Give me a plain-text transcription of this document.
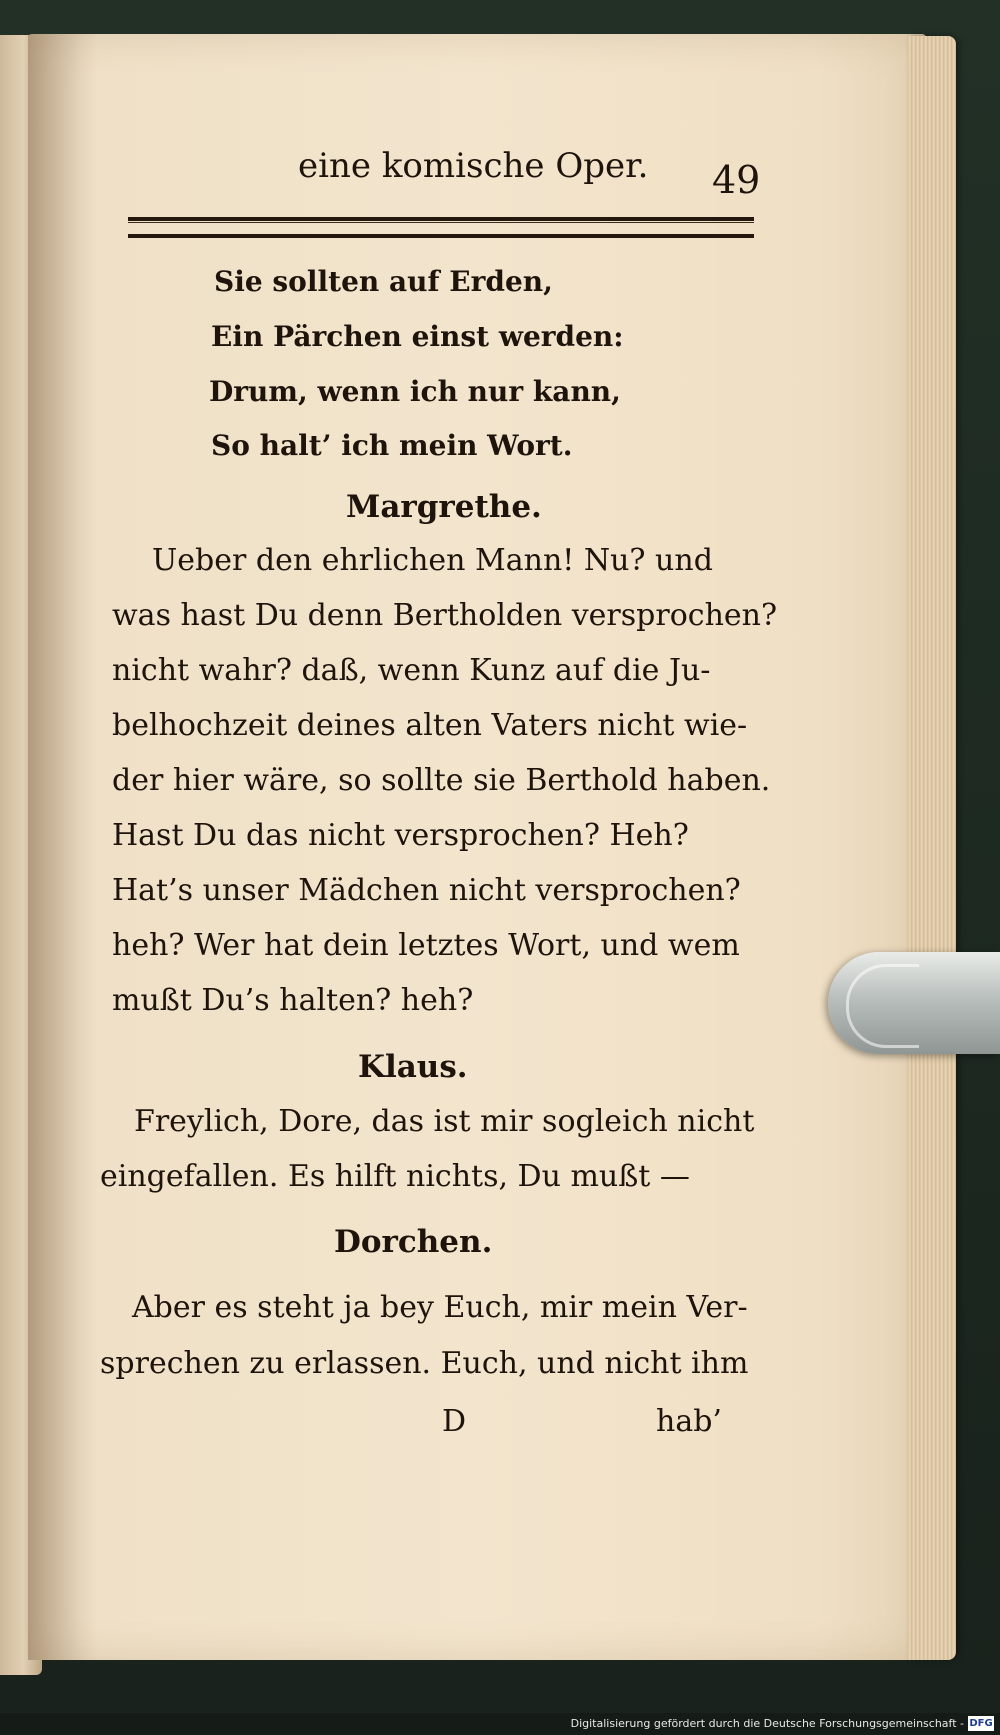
eine komische Oper. 49
Sie sollten auf Erden,
Ein Pärchen einst werden:
Drum, wenn ich nur kann,
So halt’ ich mein Wort.
Margrethe.
Ueber den ehrlichen Mann! Nu? und
was hast Du denn Bertholden versprochen?
nicht wahr? daß, wenn Kunz auf die Ju-
belhochzeit deines alten Vaters nicht wie-
der hier wäre, so sollte sie Berthold haben.
Hast Du das nicht versprochen? Heh?
Hat’s unser Mädchen nicht versprochen?
heh? Wer hat dein letztes Wort, und wem
mußt Du’s halten? heh?
Klaus.
Freylich, Dore, das ist mir sogleich nicht
eingefallen. Es hilft nichts, Du mußt —
Dorchen.
Aber es steht ja bey Euch, mir mein Ver-
sprechen zu erlassen. Euch, und nicht ihm
D	hab’
Digitalisierung gefördert durch die Deutsche Forschungsgemeinschaft - DFG
